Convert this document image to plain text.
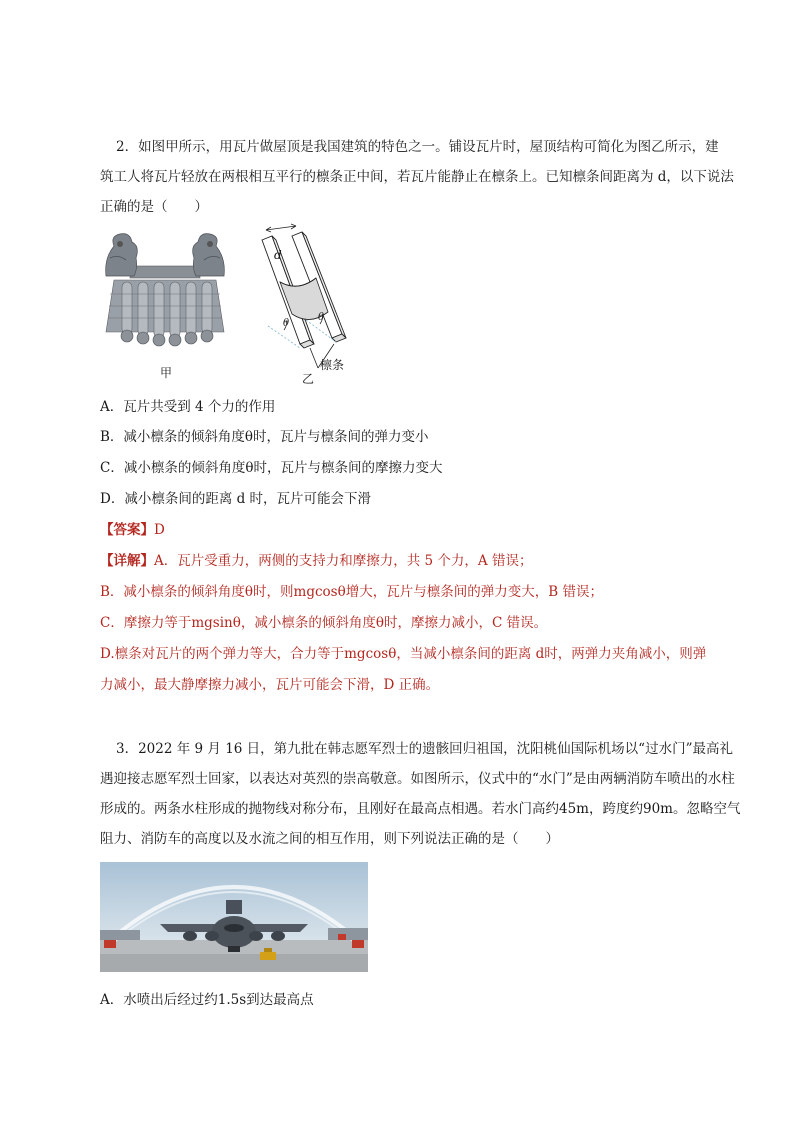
2．如图甲所示，用瓦片做屋顶是我国建筑的特色之一。铺设瓦片时，屋顶结构可简化为图乙所示，建
筑工人将瓦片轻放在两根相互平行的檩条正中间，若瓦片能静止在檩条上。已知檩条间距离为 d，以下说法
正确的是（　　）
甲
d
θ
θ
檩条
乙
A．瓦片共受到 4 个力的作用
B．减小檩条的倾斜角度θ时，瓦片与檩条间的弹力变小
C．减小檩条的倾斜角度θ时，瓦片与檩条间的摩擦力变大
D．减小檩条间的距离 d 时，瓦片可能会下滑
【答案】D
【详解】A．瓦片受重力，两侧的支持力和摩擦力，共 5 个力，A 错误；
B．减小檩条的倾斜角度θ时，则mgcosθ增大，瓦片与檩条间的弹力变大，B 错误；
C．摩擦力等于mgsinθ，减小檩条的倾斜角度θ时，摩擦力减小，C 错误。
D.檩条对瓦片的两个弹力等大，合力等于mgcosθ，当减小檩条间的距离 d时，两弹力夹角减小，则弹
力减小，最大静摩擦力减小，瓦片可能会下滑，D 正确。
3．2022 年 9 月 16 日，第九批在韩志愿军烈士的遗骸回归祖国，沈阳桃仙国际机场以“过水门”最高礼
遇迎接志愿军烈士回家，以表达对英烈的崇高敬意。如图所示，仪式中的“水门”是由两辆消防车喷出的水柱
形成的。两条水柱形成的抛物线对称分布，且刚好在最高点相遇。若水门高约45m，跨度约90m。忽略空气
阻力、消防车的高度以及水流之间的相互作用，则下列说法正确的是（　　）
A．水喷出后经过约1.5s到达最高点
